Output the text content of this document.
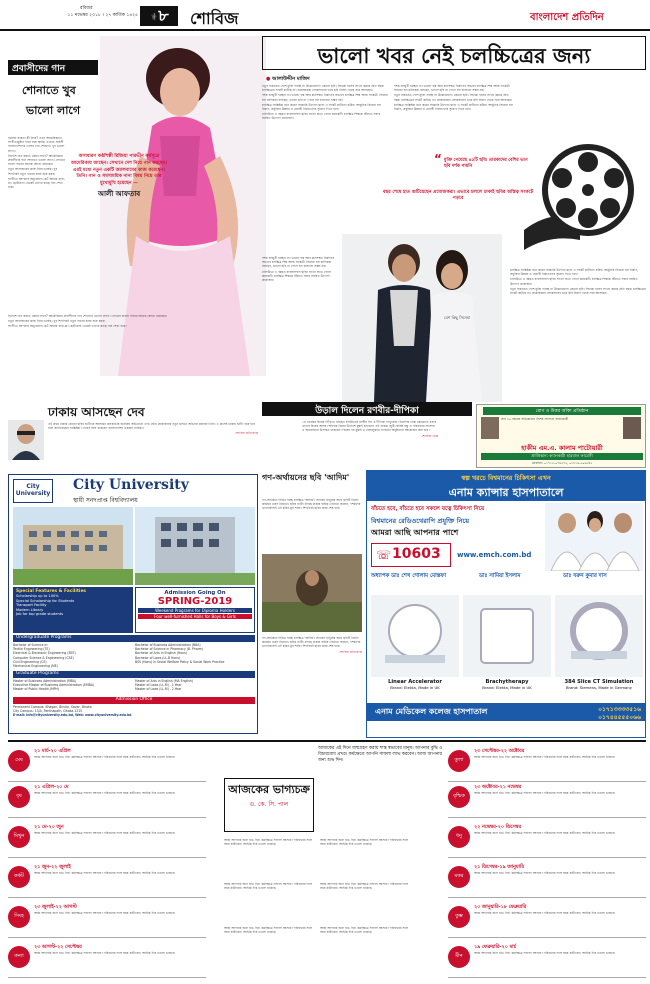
রবিবার
১১ নভেম্বর ২০১৮ । ২৭ কার্তিক ১৪২৫	পৃষ্ঠা ৮ শোবিজ	বাংলাদেশ প্রতিদিন
প্রবাসীদের গান
শোনাতে খুব
ভালো লাগে
অসাধারণ কণ্ঠশিল্পী রিজিয়া পারভীন কর্মসূত্রে আমেরিকায় আছেন। সেখানে দেশ নিয়ে গান করছেন। এরই মধ্যে নতুন একটি অ্যালবামের কাজ করেছেন। তিনি। গান ও সমসাময়িক নানা বিষয় নিয়ে তার মুখোমুখি হয়েছেন —
আলী আফতাব

বর্তমান ব্যস্ততা কী নিয়ে? এখন আমেরিকাতে সংগীতানুষ্ঠান নিয়ে ব্যস্ত আছি। এখানে প্রবাসী বাংলাদেশিদের দেশের গান শোনাতে খুব ভালো লাগে।

বিদেশে গান করতে কেমন লাগে? আমেরিকায় প্রবাসীদের গান শোনাতে ভালো লাগে। সেখানে বাংলা গানের অনেক শ্রোতা রয়েছেন।

নতুন অ্যালবামের কাজ নিয়ে ভাবছি। খুব শিগগিরই নতুন গানের কাজ শুরু করব।

সংগীতে আপনার অনুপ্রেরণা কে? আমার বাবা-মা। ছোটবেলা থেকেই তাদের কাছে গান শেখা শুরু।

বিদেশে গান করতে কেমন লাগে? আমেরিকায় প্রবাসীদের গান শোনাতে ভালো লাগে। সেখানে বাংলা গানের অনেক শ্রোতা রয়েছেন।

নতুন অ্যালবামের কাজ নিয়ে ভাবছি। খুব শিগগিরই নতুন গানের কাজ শুরু করব।

সংগীতে আপনার অনুপ্রেরণা কে? আমার বাবা-মা। ছোটবেলা থেকেই তাদের কাছে গান শেখা শুরু।

ভালো খবর নেই চলচ্চিত্রের জন্য
● আলাউদ্দীন মাজিদ

নতুন সপ্তাহেও দেশে মুক্তি পাচ্ছে না উল্লেখযোগ্য কোনো ছবি। সিনেমা হলের সংখ্যা কমছে প্রতি বছর। চলচ্চিত্রের সংকট কাটছে না। প্রযোজকরা লোকসানের ভয়ে ছবি নির্মাণ থেকে সরে আসছেন।

দর্শক হলমুখী হচ্ছেন না। ভালো গল্প আর মানসম্মত নির্মাণের অভাবে চলচ্চিত্র শিল্প আজ সংকটে। সিনেমা হল মালিকরা বলছেন, ভালো ছবি না পেলে হল চালানো সম্ভব নয়।

চলচ্চিত্র সংশ্লিষ্টরা মনে করেন সরকারি উদ্যোগ ছাড়া এ সংকট কাটানো কঠিন। আধুনিক সিনেমা হল নির্মাণ, প্রযুক্তির উন্নয়ন ও মেধাবী নির্মাতাদের সুযোগ দিতে হবে।

ঢালিউডে এ বছরও ব্যবসাসফল ছবির সংখ্যা হাতে গোনা কয়েকটি। চলচ্চিত্র শিল্পকে বাঁচাতে সবার সমন্বিত উদ্যোগ প্রয়োজন।

দর্শক হলমুখী হচ্ছেন না। ভালো গল্প আর মানসম্মত নির্মাণের অভাবে চলচ্চিত্র শিল্প আজ সংকটে। সিনেমা হল মালিকরা বলছেন, ভালো ছবি না পেলে হল চালানো সম্ভব নয়।

নতুন সপ্তাহেও দেশে মুক্তি পাচ্ছে না উল্লেখযোগ্য কোনো ছবি। সিনেমা হলের সংখ্যা কমছে প্রতি বছর। চলচ্চিত্রের সংকট কাটছে না। প্রযোজকরা লোকসানের ভয়ে ছবি নির্মাণ থেকে সরে আসছেন।

চলচ্চিত্র সংশ্লিষ্টরা মনে করেন সরকারি উদ্যোগ ছাড়া এ সংকট কাটানো কঠিন। আধুনিক সিনেমা হল নির্মাণ, প্রযুক্তির উন্নয়ন ও মেধাবী নির্মাতাদের সুযোগ দিতে হবে।

“ মুক্তি পেয়েছে ৪৫টি ছবি। তারকাদের বেশির ভাগ ছবি দর্শক পায়নি
বছর শেষে হাত গুটিয়েছেন প্রযোজকরা। এভাবে চললে ঢাকাই ছবির অস্তিত্ব সংকটে পড়বে

চলচ্চিত্র সংশ্লিষ্টরা মনে করেন সরকারি উদ্যোগ ছাড়া এ সংকট কাটানো কঠিন। আধুনিক সিনেমা হল নির্মাণ, প্রযুক্তির উন্নয়ন ও মেধাবী নির্মাতাদের সুযোগ দিতে হবে।

ঢালিউডে এ বছরও ব্যবসাসফল ছবির সংখ্যা হাতে গোনা কয়েকটি। চলচ্চিত্র শিল্পকে বাঁচাতে সবার সমন্বিত উদ্যোগ প্রয়োজন।

নতুন সপ্তাহেও দেশে মুক্তি পাচ্ছে না উল্লেখযোগ্য কোনো ছবি। সিনেমা হলের সংখ্যা কমছে প্রতি বছর। চলচ্চিত্রের সংকট কাটছে না। প্রযোজকরা লোকসানের ভয়ে ছবি নির্মাণ থেকে সরে আসছেন।

দর্শক হলমুখী হচ্ছেন না। ভালো গল্প আর মানসম্মত নির্মাণের অভাবে চলচ্চিত্র শিল্প আজ সংকটে। সিনেমা হল মালিকরা বলছেন, ভালো ছবি না পেলে হল চালানো সম্ভব নয়।

ঢালিউডে এ বছরও ব্যবসাসফল ছবির সংখ্যা হাতে গোনা কয়েকটি। চলচ্চিত্র শিল্পকে বাঁচাতে সবার সমন্বিত উদ্যোগ প্রয়োজন।

বেশ কিছু সিনেমা
উড়াল দিলেন রণবীর-দীপিকা

১৪ নভেম্বর বিয়ের পিঁড়িতে বসছেন বলিউডের রণবীর সিং ও দীপিকা পাড়ুকোন। ইতালির লেক কোমোতে বসবে তাদের বিয়ের আসর। শনিবার বিয়ের উদ্দেশে মুম্বাই ছাড়লেন এই তারকা জুটি। ঘনিষ্ঠ বন্ধু ও পরিবারের সদস্যরা এ আয়োজনে উপস্থিত থাকবেন। বিয়ের পর মুম্বাই ও বেঙ্গালুরুতে সংবর্ধনা অনুষ্ঠানের আয়োজন করা হবে।

শোবিজ ডেস্ক

রোগ ও উত্তর আঁকা প্রতিষ্ঠান
প্রায় ৩০ বছরের অভিজ্ঞতায় বিশেষ সফলতা অর্জনকারী
হাকীম এম.এ. কালাম পাটোয়ারী
প্রাপ্তিস্থান: ক্যালকাটা হারবাল ফার্মেসী
মোবাইল: ০১৭১৩-০৭৯৩৭৫, ০১৮১৯-৫০৬৫৪৫
ঢাকায় আসছেন দেব

এই প্রথম ঢাকার কোনো ছবির শুটিংয়ে আসছেন কলকাতার জনপ্রিয় অভিনেতা দেব। যৌথ প্রযোজনার নতুন ছবিতে অভিনয় করবেন তিনি। এ মাসেই ঢাকায় শুটিং শুরু হবে বলে জানিয়েছেন সংশ্লিষ্টরা। দেবের সঙ্গে থাকবেন বাংলাদেশের একজন নায়িকা।

শোবিজ প্রতিবেদক

City University
City University
স্থায়ী সনদপ্রাপ্ত বিশ্ববিদ্যালয়
Special Features & Facilities
Scholarship up to 100%
Special Scholarship for Students
Transport Facility
Modern Library
Job for top grade students
Admission Going On
SPRING-2019
Weekend Programs for Diploma Holders
Four well-furnished Halls for Boys & Girls
Undergraduate Programs
Bachelor of Science in:
Textile Engineering (TE)
Electrical & Electronic Engineering (EEE)
Computer Science & Engineering (CSE)
Civil Engineering (CE)
Mechanical Engineering (ME)
Bachelor of Business Administration (BBA)
Bachelor of Science in Pharmacy (B. Pharm)
Bachelor of Arts in English (Hons)
Bachelor of Laws (LL.B Hons)
BSS (Hons) in Social Welfare Policy & Social Work Practice
Graduate Programs
Master of Business Administration (MBA)
Executive Master of Business Administration (EMBA)
Master of Public Health (MPH)
Master of Arts in English (MA English)
Master of Laws (LL.M) - 1 Year
Master of Laws (LL.M) - 2 Year
Admission Office
Permanent Campus: Khagan, Birulia, Savar, Dhaka
City Campus: 13/A, Panthapath, Dhaka-1215
E-mail: info@cityuniversity.edu.bd, Web: www.cityuniversity.edu.bd
গণ-অর্থায়নের ছবি 'আদিম'

গণ-অর্থায়নে নির্মিত হচ্ছে চলচ্চিত্র 'আদিম'। সাধারণ মানুষের অর্থে ছবিটি নির্মাণ করছেন তরুণ নির্মাতা। ছবির শুটিং চলছে ঢাকার বাইরে। নির্মাতা জানান, দর্শকদের ভালোবাসাই এই ছবির মূল শক্তি। শিগগিরই ছবির কাজ শেষ হবে।

গণ-অর্থায়নে নির্মিত হচ্ছে চলচ্চিত্র 'আদিম'। সাধারণ মানুষের অর্থে ছবিটি নির্মাণ করছেন তরুণ নির্মাতা। ছবির শুটিং চলছে ঢাকার বাইরে। নির্মাতা জানান, দর্শকদের ভালোবাসাই এই ছবির মূল শক্তি। শিগগিরই ছবির কাজ শেষ হবে।

শোবিজ প্রতিবেদক

স্বল্প খরচে বিশ্বমানের চিকিৎসা এখন
এনাম ক্যান্সার হাসপাতালে
বাঁচতে হবে, বাঁচতে হবে সকলে যত্নে চিকিৎসা নিয়ে
বিশ্বমানের রেডিওথেরাপি প্রযুক্তি নিয়ে
আমরা আছি আপনার পাশে
☏ 10603 www.emch.com.bd
অধ্যাপক ডাঃ শেখ গোলাম মোস্তফা	ডাঃ সামিয়া ইসলাম	ডাঃ বরুন কুমার দাস
Linear Accelerator
Brand: Elekta, Made in UK
Brachytherapy
Brand: Elekta, Made in UK
384 Slice CT Simulation
Brand: Siemens, Made in Germany
এনাম মেডিকেল কলেজ হাসপাতাল	০১৭১৩৩৩৩৫১৬
০১৭৪৪৫৫৫০৬৬
আজকের ভাগ্যচক্র
ড. কে. সি. পাল

আজকের এই দিনে জন্মগ্রহণ করায় শান্ত স্বভাবের মানুষ। আপনার বুদ্ধি ও বিচারবোধ প্রখর। কর্মক্ষেত্রে আপনি সাফল্য লাভ করবেন। আজ আপনার জন্য শুভ দিন।

মেষ
২১ মার্চ-২০ এপ্রিল
আজ আপনার জন্য শুভ দিন। কর্মক্ষেত্রে সাফল্য আসবে। পরিবারের সঙ্গে সময় কাটাবেন। আর্থিক দিক ভালো থাকবে।
বৃষ
২১ এপ্রিল-২০ মে
আজ আপনার জন্য শুভ দিন। কর্মক্ষেত্রে সাফল্য আসবে। পরিবারের সঙ্গে সময় কাটাবেন। আর্থিক দিক ভালো থাকবে।
মিথুন
২১ মে-২০ জুন
আজ আপনার জন্য শুভ দিন। কর্মক্ষেত্রে সাফল্য আসবে। পরিবারের সঙ্গে সময় কাটাবেন। আর্থিক দিক ভালো থাকবে।
কর্কট
২১ জুন-২২ জুলাই
আজ আপনার জন্য শুভ দিন। কর্মক্ষেত্রে সাফল্য আসবে। পরিবারের সঙ্গে সময় কাটাবেন। আর্থিক দিক ভালো থাকবে।
সিংহ
২৩ জুলাই-২২ আগস্ট
আজ আপনার জন্য শুভ দিন। কর্মক্ষেত্রে সাফল্য আসবে। পরিবারের সঙ্গে সময় কাটাবেন। আর্থিক দিক ভালো থাকবে।
কন্যা
২৩ আগস্ট-২২ সেপ্টেম্বর
আজ আপনার জন্য শুভ দিন। কর্মক্ষেত্রে সাফল্য আসবে। পরিবারের সঙ্গে সময় কাটাবেন। আর্থিক দিক ভালো থাকবে।
তুলা
২৩ সেপ্টেম্বর-২২ অক্টোবর
আজ আপনার জন্য শুভ দিন। কর্মক্ষেত্রে সাফল্য আসবে। পরিবারের সঙ্গে সময় কাটাবেন। আর্থিক দিক ভালো থাকবে।
বৃশ্চিক
২৩ অক্টোবর-২১ নভেম্বর
আজ আপনার জন্য শুভ দিন। কর্মক্ষেত্রে সাফল্য আসবে। পরিবারের সঙ্গে সময় কাটাবেন। আর্থিক দিক ভালো থাকবে।
ধনু
২২ নভেম্বর-২০ ডিসেম্বর
আজ আপনার জন্য শুভ দিন। কর্মক্ষেত্রে সাফল্য আসবে। পরিবারের সঙ্গে সময় কাটাবেন। আর্থিক দিক ভালো থাকবে।
মকর
২১ ডিসেম্বর-১৯ জানুয়ারি
আজ আপনার জন্য শুভ দিন। কর্মক্ষেত্রে সাফল্য আসবে। পরিবারের সঙ্গে সময় কাটাবেন। আর্থিক দিক ভালো থাকবে।
কুম্ভ
২০ জানুয়ারি-১৮ ফেব্রুয়ারি
আজ আপনার জন্য শুভ দিন। কর্মক্ষেত্রে সাফল্য আসবে। পরিবারের সঙ্গে সময় কাটাবেন। আর্থিক দিক ভালো থাকবে।
মীন
১৯ ফেব্রুয়ারি-২০ মার্চ
আজ আপনার জন্য শুভ দিন। কর্মক্ষেত্রে সাফল্য আসবে। পরিবারের সঙ্গে সময় কাটাবেন। আর্থিক দিক ভালো থাকবে।
আজ আপনার জন্য শুভ দিন। কর্মক্ষেত্রে সাফল্য আসবে। পরিবারের সঙ্গে সময় কাটাবেন। আর্থিক দিক ভালো থাকবে।
আজ আপনার জন্য শুভ দিন। কর্মক্ষেত্রে সাফল্য আসবে। পরিবারের সঙ্গে সময় কাটাবেন। আর্থিক দিক ভালো থাকবে।
আজ আপনার জন্য শুভ দিন। কর্মক্ষেত্রে সাফল্য আসবে। পরিবারের সঙ্গে সময় কাটাবেন। আর্থিক দিক ভালো থাকবে।
আজ আপনার জন্য শুভ দিন। কর্মক্ষেত্রে সাফল্য আসবে। পরিবারের সঙ্গে সময় কাটাবেন। আর্থিক দিক ভালো থাকবে।
আজ আপনার জন্য শুভ দিন। কর্মক্ষেত্রে সাফল্য আসবে। পরিবারের সঙ্গে সময় কাটাবেন। আর্থিক দিক ভালো থাকবে।
আজ আপনার জন্য শুভ দিন। কর্মক্ষেত্রে সাফল্য আসবে। পরিবারের সঙ্গে সময় কাটাবেন। আর্থিক দিক ভালো থাকবে।
